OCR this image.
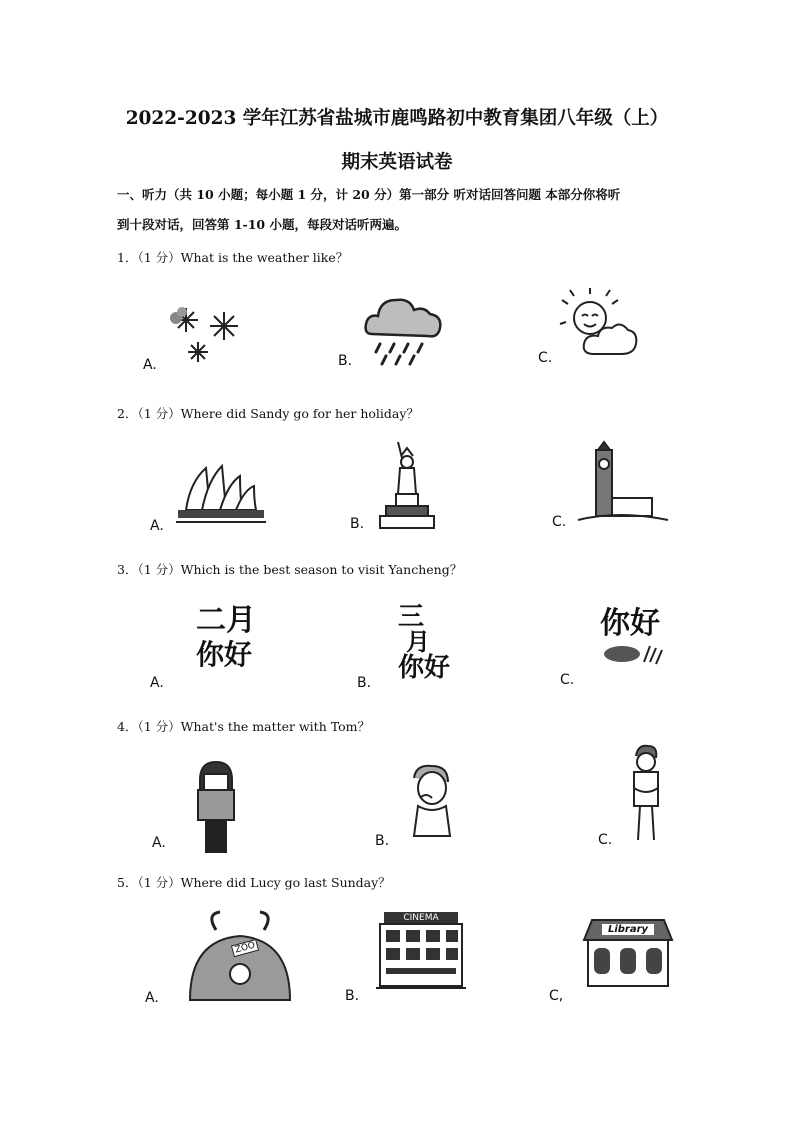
2022-2023 学年江苏省盐城市鹿鸣路初中教育集团八年级（上）
期末英语试卷
一、听力（共 10 小题；每小题 1 分，计 20 分）第一部分 听对话回答问题 本部分你将听
到十段对话，回答第 1-10 小题，每段对话听两遍。
1．（1 分）What is the weather like？
A.	B.	C.
2．（1 分）Where did Sandy go for her holiday？
A.	B.	C.
3．（1 分）Which is the best season to visit Yancheng？
A.	B.	C.
二月
你好
三
月
你好
你好
4．（1 分）What's the matter with Tom？
A.	B.	C.
5．（1 分）Where did Lucy go last Sunday？
A.	B.	C,
ZOO
CINEMA
Library
